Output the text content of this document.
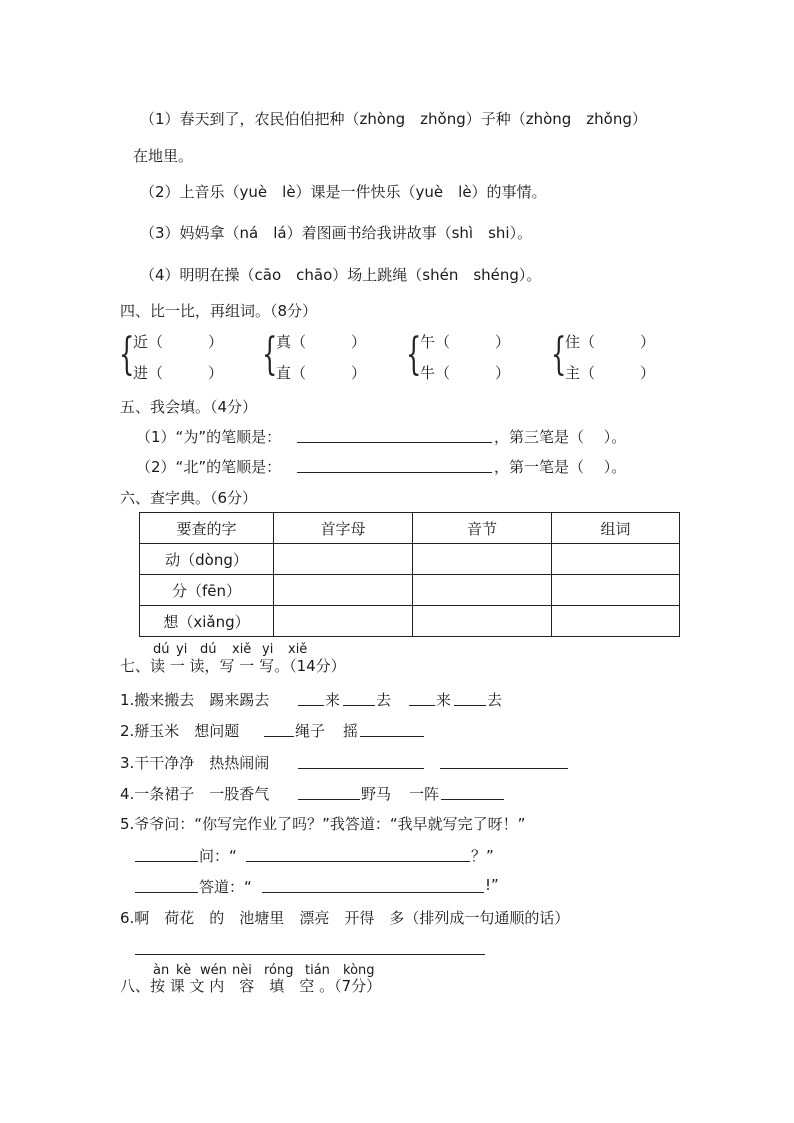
（1）春天到了，农民伯伯把种（zhòng　zhǒng）子种（zhòng　zhǒng）
在地里。
（2）上音乐（yuè　lè）课是一件快乐（yuè　lè）的事情。
（3）妈妈拿（ná　lá）着图画书给我讲故事（shì　shi）。
（4）明明在操（cāo　chāo）场上跳绳（shén　shéng）。
四、比一比，再组词。（8分）
{
近（　　　）
进（　　　） {
真（　　　）
直（　　　） {
午（　　　）
牛（　　　） {
住（　　　）
主（　　　）
五、我会填。（4分）
（1）“为”的笔顺是：	，第三笔是（　 ）。
（2）“北”的笔顺是：	，第一笔是（　 ）。
六、查字典。（6分）
要查的字	首字母	音节	组词
动（dòng）			
分（fēn）			
想（xiǎng）			
dú yi dú xiě yi xiě
七、读 一 读，写 一 写。（14分）
1.搬来搬去　踢来踢去	来 去	来 去
2.掰玉米　想问题	绳子 摇
3.干干净净　热热闹闹
4.一条裙子　一股香气	野马 一阵
5.爷爷问：“你写完作业了吗？”我答道：“我早就写完了呀！”
问：“	？”
答道：“	!”
6.啊　荷花　的　池塘里　漂亮　开得　多（排列成一句通顺的话）
àn kè wén nèi róng tián kòng
八、按 课 文 内　容　填　空 。（7分）
